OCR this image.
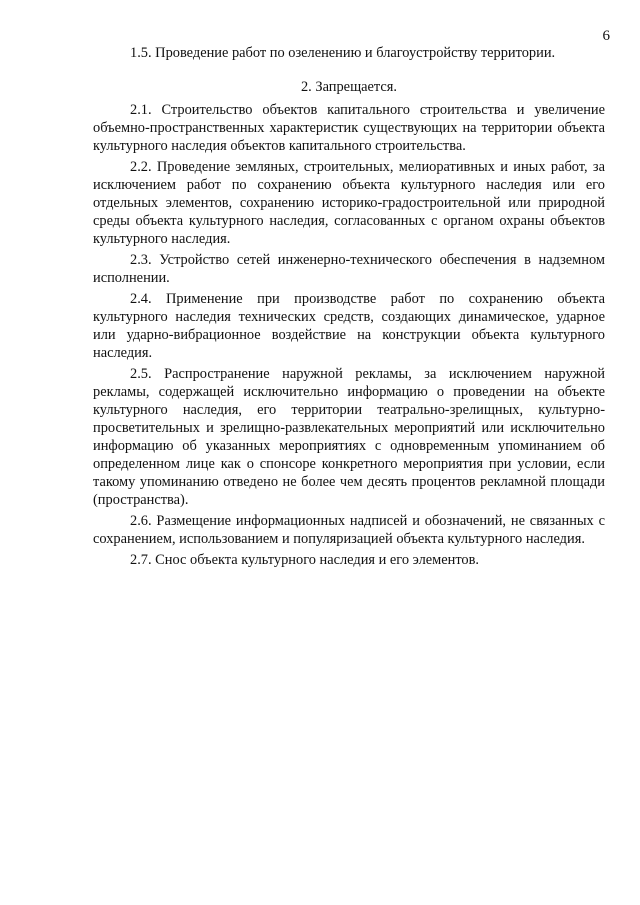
6

1.5. Проведение работ по озеленению и благоустройству территории.

2. Запрещается.

2.1. Строительство объектов капитального строительства и увеличение объемно-пространственных характеристик существующих на территории объекта культурного наследия объектов капитального строительства.

2.2. Проведение земляных, строительных, мелиоративных и иных работ, за исключением работ по сохранению объекта культурного наследия или его отдельных элементов, сохранению историко-градостроительной или природной среды объекта культурного наследия, согласованных с органом охраны объектов культурного наследия.

2.3. Устройство сетей инженерно-технического обеспечения в надземном исполнении.

2.4. Применение при производстве работ по сохранению объекта культурного наследия технических средств, создающих динамическое, ударное или ударно-вибрационное воздействие на конструкции объекта культурного наследия.

2.5. Распространение наружной рекламы, за исключением наружной рекламы, содержащей исключительно информацию о проведении на объекте культурного наследия, его территории театрально-зрелищных, культурно-просветительных и зрелищно-развлекательных мероприятий или исключительно информацию об указанных мероприятиях с одновременным упоминанием об определенном лице как о спонсоре конкретного мероприятия при условии, если такому упоминанию отведено не более чем десять процентов рекламной площади (пространства).

2.6. Размещение информационных надписей и обозначений, не связанных с сохранением, использованием и популяризацией объекта культурного наследия.

2.7. Снос объекта культурного наследия и его элементов.
